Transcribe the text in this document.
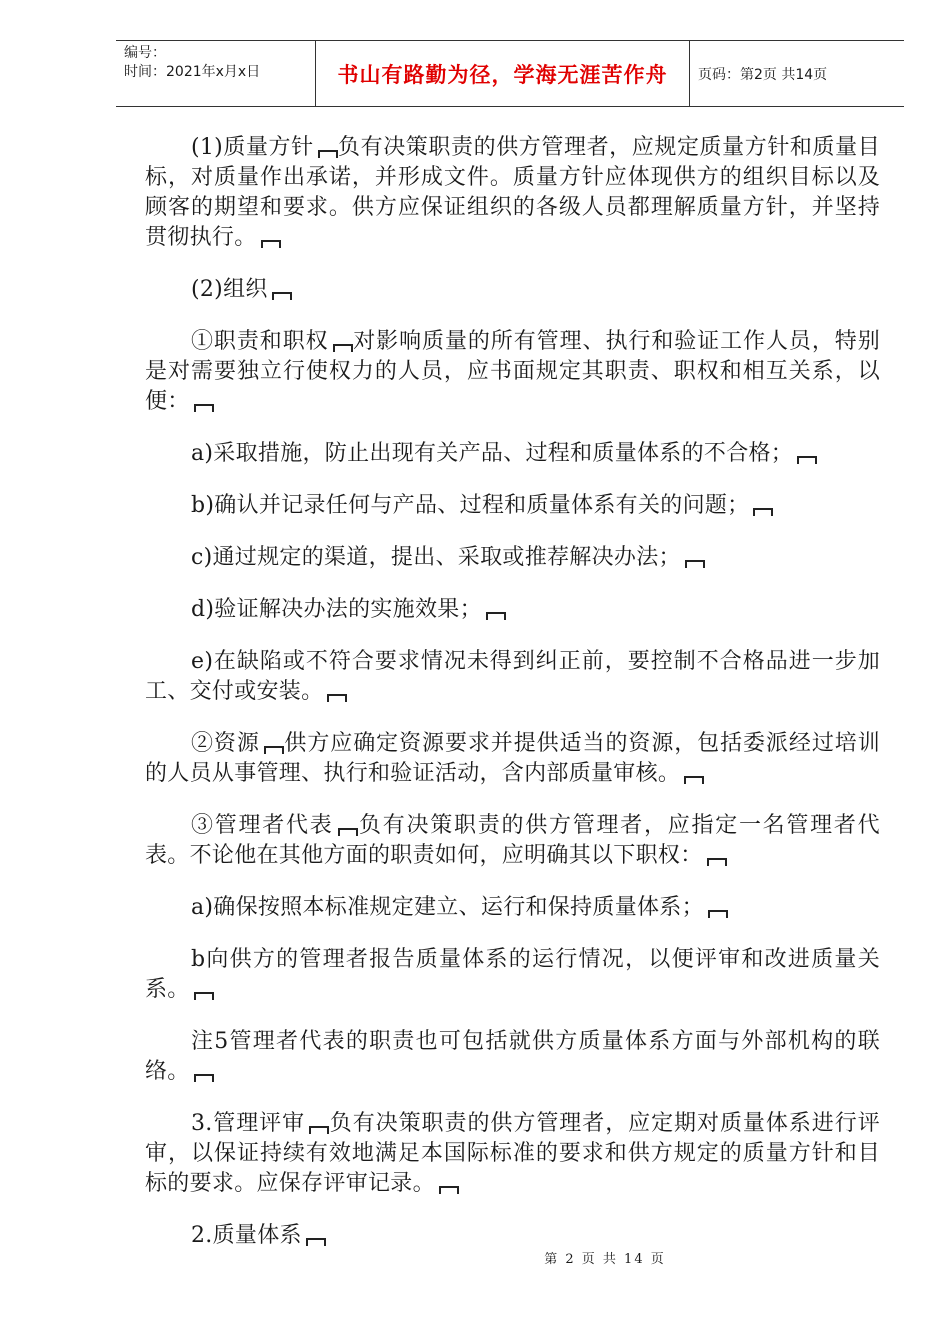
编号：
时间：2021年x月x日	书山有路勤为径，学海无涯苦作舟	页码：第2页 共14页

(1)质量方针 负有决策职责的供方管理者，应规定质量方针和质量目标，对质量作出承诺，并形成文件。质量方针应体现供方的组织目标以及顾客的期望和要求。供方应保证组织的各级人员都理解质量方针，并坚持贯彻执行。

(2)组织

①职责和职权 对影响质量的所有管理、执行和验证工作人员，特别是对需要独立行使权力的人员，应书面规定其职责、职权和相互关系，以便：

a)采取措施，防止出现有关产品、过程和质量体系的不合格；

b)确认并记录任何与产品、过程和质量体系有关的问题；

c)通过规定的渠道，提出、采取或推荐解决办法；

d)验证解决办法的实施效果；

e)在缺陷或不符合要求情况未得到纠正前，要控制不合格品进一步加工、交付或安装。

②资源 供方应确定资源要求并提供适当的资源，包括委派经过培训的人员从事管理、执行和验证活动，含内部质量审核。

③管理者代表 负有决策职责的供方管理者，应指定一名管理者代表。不论他在其他方面的职责如何，应明确其以下职权：

a)确保按照本标准规定建立、运行和保持质量体系；

b向供方的管理者报告质量体系的运行情况，以便评审和改进质量关系。

注5管理者代表的职责也可包括就供方质量体系方面与外部机构的联络。

3.管理评审 负有决策职责的供方管理者，应定期对质量体系进行评审，以保证持续有效地满足本国际标准的要求和供方规定的质量方针和目标的要求。应保存评审记录。

2.质量体系

第 2 页 共 14 页
